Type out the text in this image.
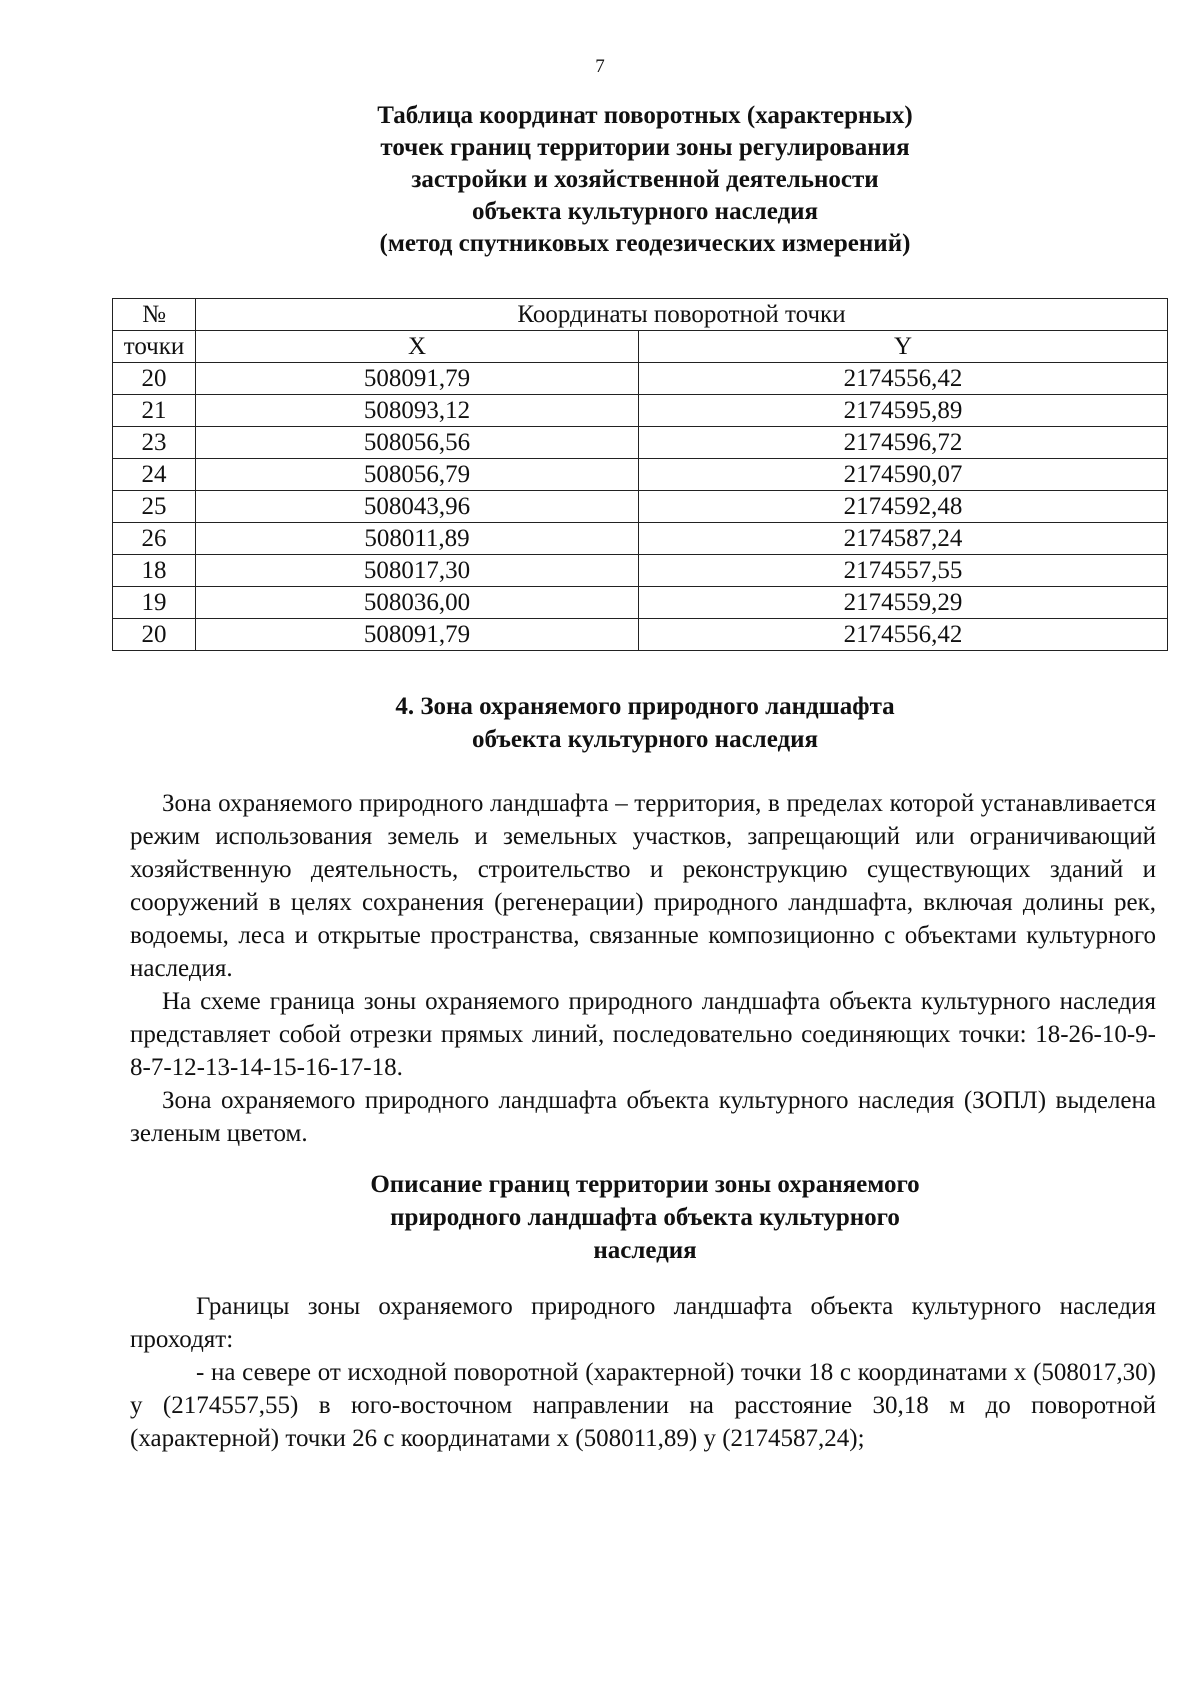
7
Таблица координат поворотных (характерных)
точек границ территории зоны регулирования
застройки и хозяйственной деятельности
объекта культурного наследия
(метод спутниковых геодезических измерений)
№	Координаты поворотной точки	
точки	X	Y
20	508091,79	2174556,42
21	508093,12	2174595,89
23	508056,56	2174596,72
24	508056,79	2174590,07
25	508043,96	2174592,48
26	508011,89	2174587,24
18	508017,30	2174557,55
19	508036,00	2174559,29
20	508091,79	2174556,42
4. Зона охраняемого природного ландшафта
объекта культурного наследия

Зона охраняемого природного ландшафта – территория, в пределах которой устанавливается режим использования земель и земельных участков, запрещающий или ограничивающий хозяйственную деятельность, строительство и реконструкцию существующих зданий и сооружений в целях сохранения (регенерации) природного ландшафта, включая долины рек, водоемы, леса и открытые пространства, связанные композиционно с объектами культурного наследия.

На схеме граница зоны охраняемого природного ландшафта объекта культурного наследия представляет собой отрезки прямых линий, последовательно соединяющих точки: 18-26-10-9-8-7-12-13-14-15-16-17-18.

Зона охраняемого природного ландшафта объекта культурного наследия (ЗОПЛ) выделена зеленым цветом.

Описание границ территории зоны охраняемого
природного ландшафта объекта культурного
наследия

Границы зоны охраняемого природного ландшафта объекта культурного наследия проходят:

- на севере от исходной поворотной (характерной) точки 18 с координатами х (508017,30) у (2174557,55) в юго-восточном направлении на расстояние 30,18 м до поворотной (характерной) точки 26 с координатами х (508011,89) у (2174587,24);
